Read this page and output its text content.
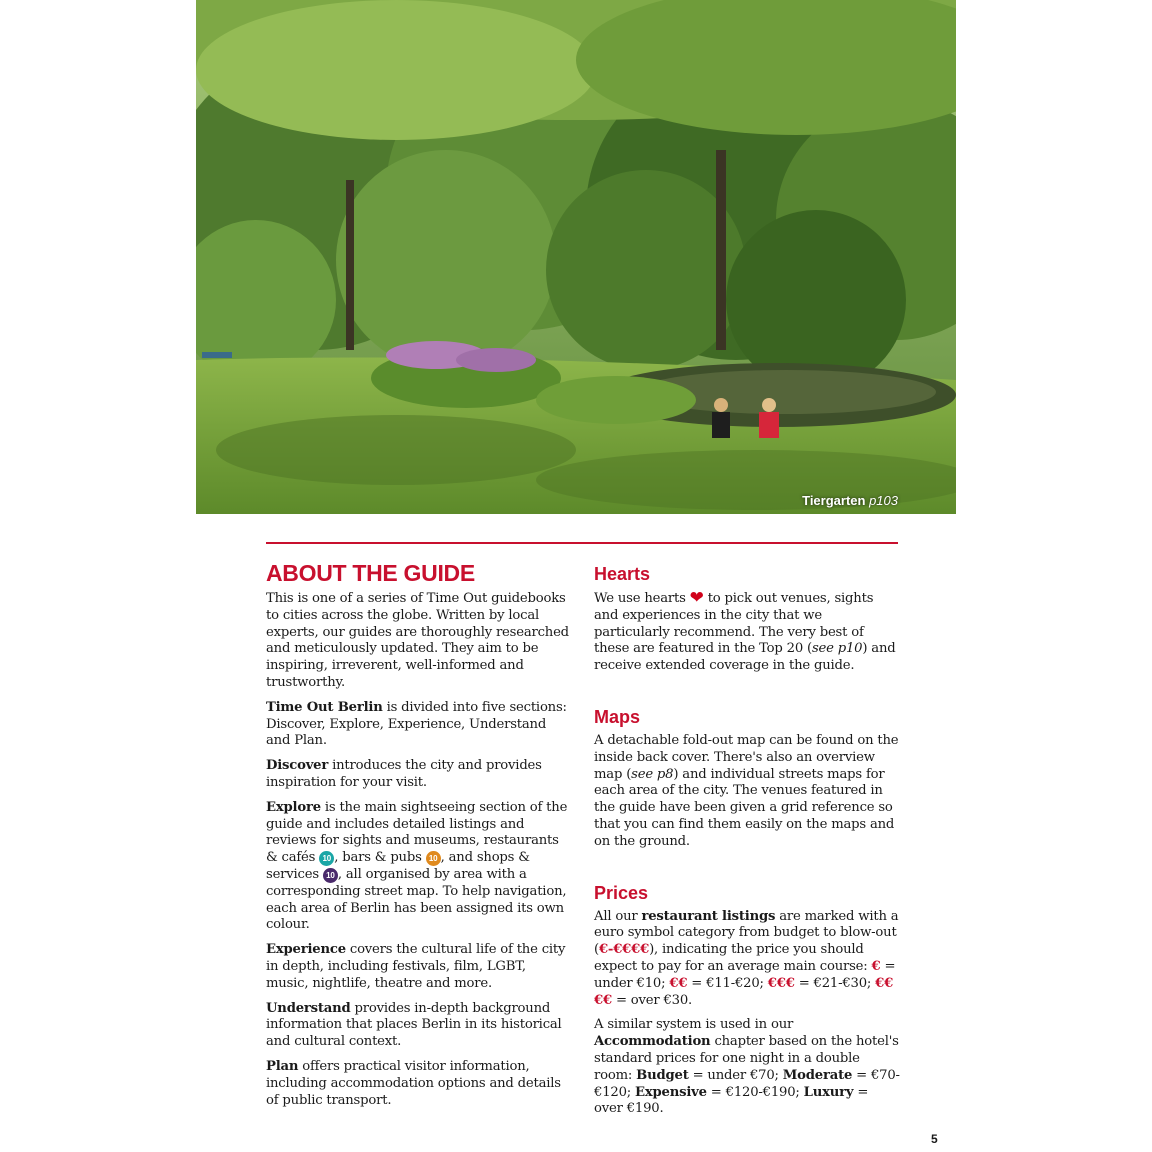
Tiergarten p103
ABOUT THE GUIDE

This is one of a series of Time Out guidebooks to cities across the globe. Written by local experts, our guides are thoroughly researched and meticulously updated. They aim to be inspiring, irreverent, well-informed and trustworthy.

Time Out Berlin is divided into five sections: Discover, Explore, Experience, Understand and Plan.

Discover introduces the city and provides inspiration for your visit.

Explore is the main sightseeing section of the guide and includes detailed listings and reviews for sights and museums, restaurants & cafés 10 , bars & pubs 10 , and shops & services 10 , all organised by area with a corresponding street map. To help navigation, each area of Berlin has been assigned its own colour.

Experience covers the cultural life of the city in depth, including festivals, film, LGBT, music, nightlife, theatre and more.

Understand provides in-depth background information that places Berlin in its historical and cultural context.

Plan offers practical visitor information, including accommodation options and details of public transport.

Hearts

We use hearts ❤ to pick out venues, sights and experiences in the city that we particularly recommend. The very best of these are featured in the Top 20 (see p10) and receive extended coverage in the guide.

Maps

A detachable fold-out map can be found on the inside back cover. There's also an overview map (see p8) and individual streets maps for each area of the city. The venues featured in the guide have been given a grid reference so that you can find them easily on the maps and on the ground.

Prices

All our restaurant listings are marked with a euro symbol category from budget to blow-out (€-€€€€), indicating the price you should expect to pay for an average main course: € = under €10; €€ = €11-€20; €€€ = €21-€30; €€€€ = over €30.

A similar system is used in our Accommodation chapter based on the hotel's standard prices for one night in a double room: Budget = under €70; Moderate = €70-€120; Expensive = €120-€190; Luxury = over €190.

5
